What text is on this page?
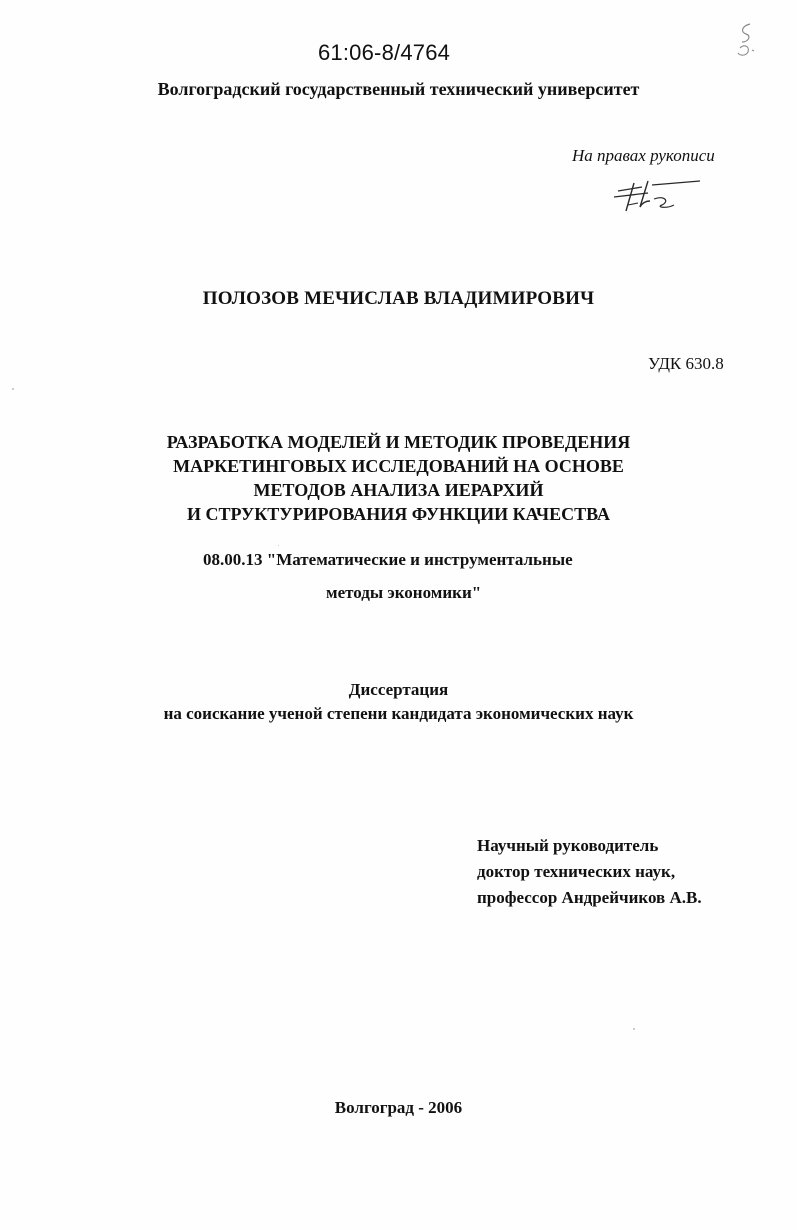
61:06-8/4764
Волгоградский государственный технический университет
На правах рукописи
ПОЛОЗОВ МЕЧИСЛАВ ВЛАДИМИРОВИЧ
УДК 630.8
РАЗРАБОТКА МОДЕЛЕЙ И МЕТОДИК ПРОВЕДЕНИЯ
МАРКЕТИНГОВЫХ ИССЛЕДОВАНИЙ НА ОСНОВЕ
МЕТОДОВ АНАЛИЗА ИЕРАРХИЙ
И СТРУКТУРИРОВАНИЯ ФУНКЦИИ КАЧЕСТВА
08.00.13 "Математические и инструментальные
методы экономики"
Диссертация
на соискание ученой степени кандидата экономических наук
Научный руководитель
доктор технических наук,
профессор Андрейчиков А.В.
Волгоград - 2006
